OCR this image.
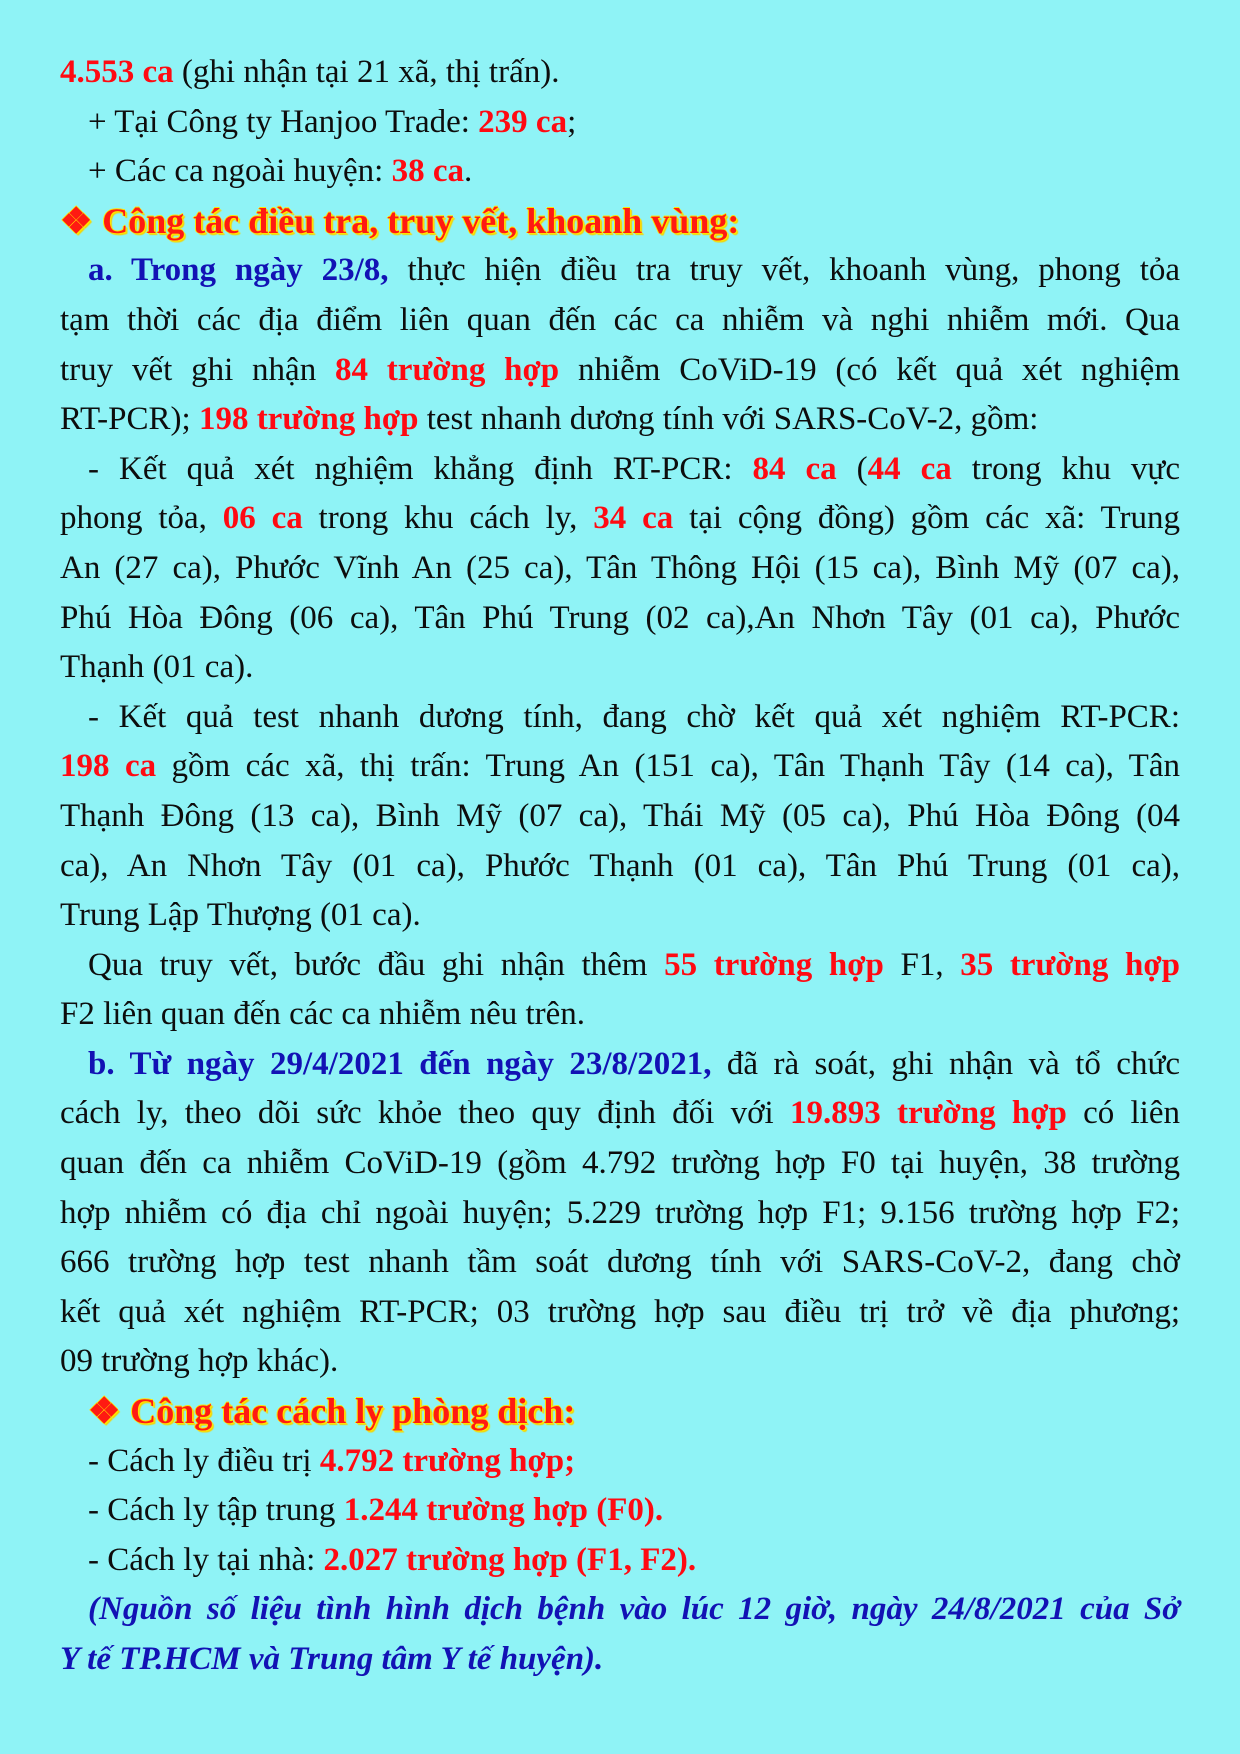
4.553 ca (ghi nhận tại 21 xã, thị trấn).
+ Tại Công ty Hanjoo Trade: 239 ca;
+ Các ca ngoài huyện: 38 ca.
❖ Công tác điều tra, truy vết, khoanh vùng:
a. Trong ngày 23/8, thực hiện điều tra truy vết, khoanh vùng, phong tỏa
tạm thời các địa điểm liên quan đến các ca nhiễm và nghi nhiễm mới. Qua
truy vết ghi nhận 84 trường hợp nhiễm CoViD-19 (có kết quả xét nghiệm
RT-PCR); 198 trường hợp test nhanh dương tính với SARS-CoV-2, gồm:
- Kết quả xét nghiệm khẳng định RT-PCR: 84 ca (44 ca trong khu vực
phong tỏa, 06 ca trong khu cách ly, 34 ca tại cộng đồng) gồm các xã: Trung
An (27 ca), Phước Vĩnh An (25 ca), Tân Thông Hội (15 ca), Bình Mỹ (07 ca),
Phú Hòa Đông (06 ca), Tân Phú Trung (02 ca),An Nhơn Tây (01 ca), Phước
Thạnh (01 ca).
- Kết quả test nhanh dương tính, đang chờ kết quả xét nghiệm RT-PCR:
198 ca gồm các xã, thị trấn: Trung An (151 ca), Tân Thạnh Tây (14 ca), Tân
Thạnh Đông (13 ca), Bình Mỹ (07 ca), Thái Mỹ (05 ca), Phú Hòa Đông (04
ca), An Nhơn Tây (01 ca), Phước Thạnh (01 ca), Tân Phú Trung (01 ca),
Trung Lập Thượng (01 ca).
Qua truy vết, bước đầu ghi nhận thêm 55 trường hợp F1, 35 trường hợp
F2 liên quan đến các ca nhiễm nêu trên.
b. Từ ngày 29/4/2021 đến ngày 23/8/2021, đã rà soát, ghi nhận và tổ chức
cách ly, theo dõi sức khỏe theo quy định đối với 19.893 trường hợp có liên
quan đến ca nhiễm CoViD-19 (gồm 4.792 trường hợp F0 tại huyện, 38 trường
hợp nhiễm có địa chỉ ngoài huyện; 5.229 trường hợp F1; 9.156 trường hợp F2;
666 trường hợp test nhanh tầm soát dương tính với SARS-CoV-2, đang chờ
kết quả xét nghiệm RT-PCR; 03 trường hợp sau điều trị trở về địa phương;
09 trường hợp khác).
❖ Công tác cách ly phòng dịch:
- Cách ly điều trị 4.792 trường hợp;
- Cách ly tập trung 1.244 trường hợp (F0).
- Cách ly tại nhà: 2.027 trường hợp (F1, F2).
(Nguồn số liệu tình hình dịch bệnh vào lúc 12 giờ, ngày 24/8/2021 của Sở
Y tế TP.HCM và Trung tâm Y tế huyện).
